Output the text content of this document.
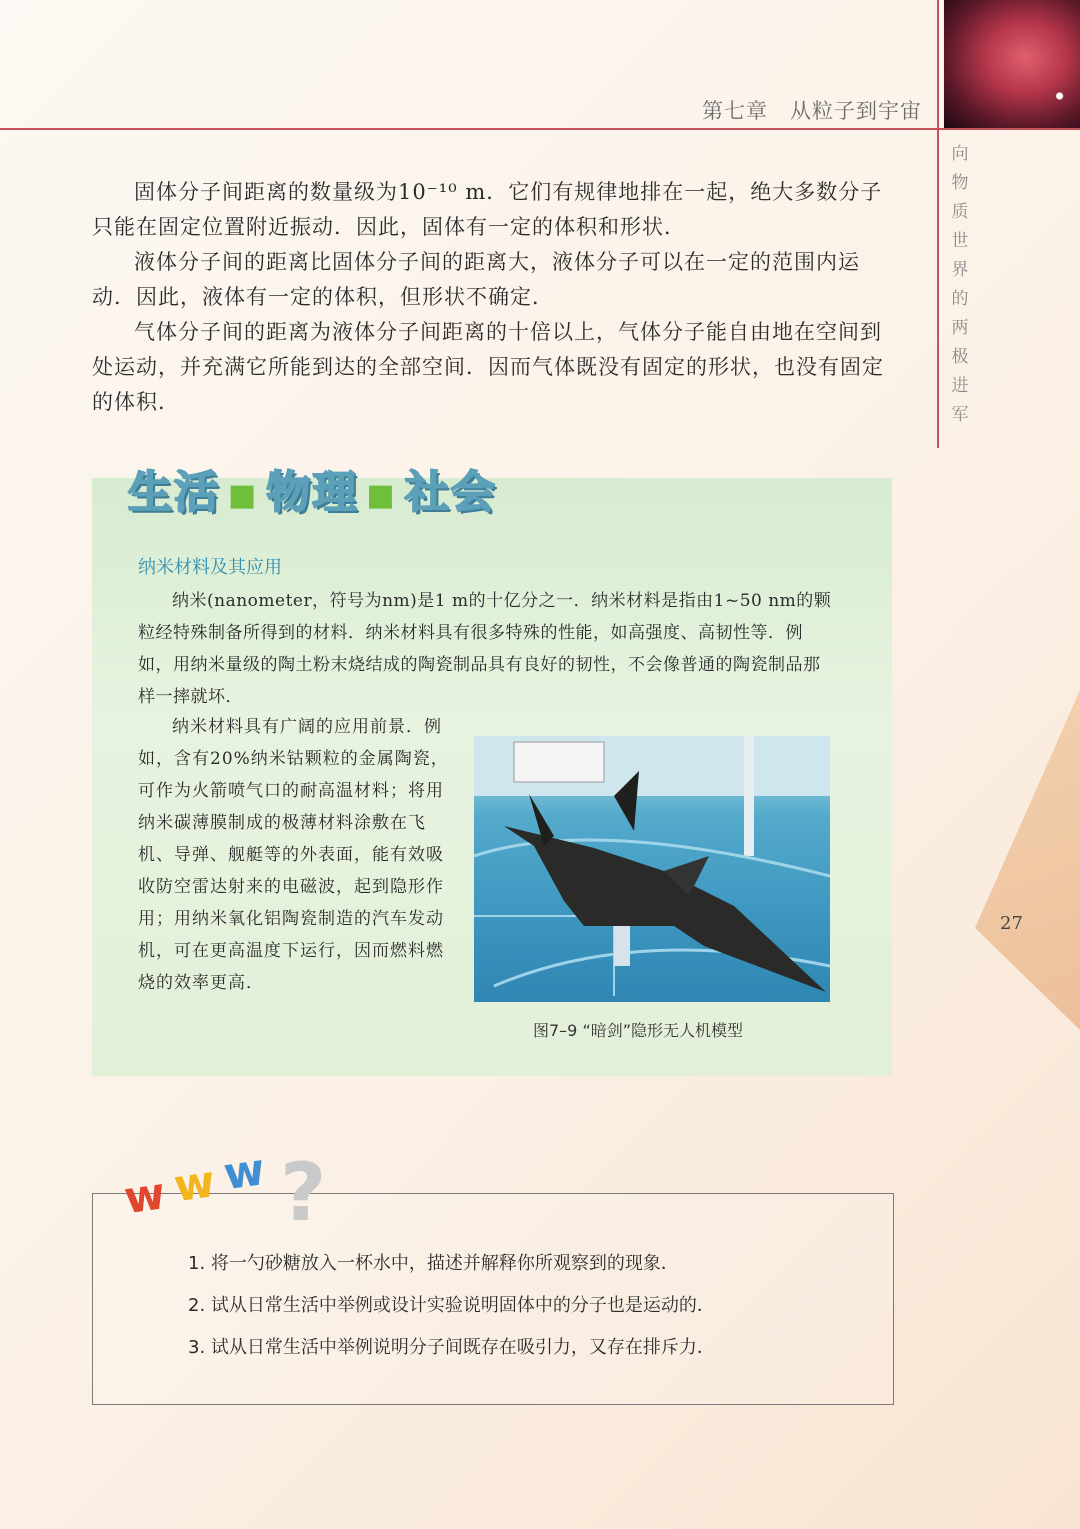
第七章　从粒子到宇宙
向
物
质
世
界
的
两
极
进
军
27

固体分子间距离的数量级为10⁻¹⁰ m．它们有规律地排在一起，绝大多数分子只能在固定位置附近振动．因此，固体有一定的体积和形状．

液体分子间的距离比固体分子间的距离大，液体分子可以在一定的范围内运动．因此，液体有一定的体积，但形状不确定．

气体分子间的距离为液体分子间距离的十倍以上，气体分子能自由地在空间到处运动，并充满它所能到达的全部空间．因而气体既没有固定的形状，也没有固定的体积．

生活 ■ 物理 ■ 社会
纳米材料及其应用

纳米(nanometer，符号为nm)是1 m的十亿分之一．纳米材料是指由1~50 nm的颗粒经特殊制备所得到的材料．纳米材料具有很多特殊的性能，如高强度、高韧性等．例如，用纳米量级的陶土粉末烧结成的陶瓷制品具有良好的韧性，不会像普通的陶瓷制品那样一摔就坏．

纳米材料具有广阔的应用前景．例如，含有20%纳米钴颗粒的金属陶瓷，可作为火箭喷气口的耐高温材料；将用纳米碳薄膜制成的极薄材料涂敷在飞机、导弹、舰艇等的外表面，能有效吸收防空雷达射来的电磁波，起到隐形作用；用纳米氧化铝陶瓷制造的汽车发动机，可在更高温度下运行，因而燃料燃烧的效率更高．

图7–9 “暗剑”隐形无人机模型
?
w w w
1. 将一勺砂糖放入一杯水中，描述并解释你所观察到的现象．
2. 试从日常生活中举例或设计实验说明固体中的分子也是运动的．
3. 试从日常生活中举例说明分子间既存在吸引力，又存在排斥力．
